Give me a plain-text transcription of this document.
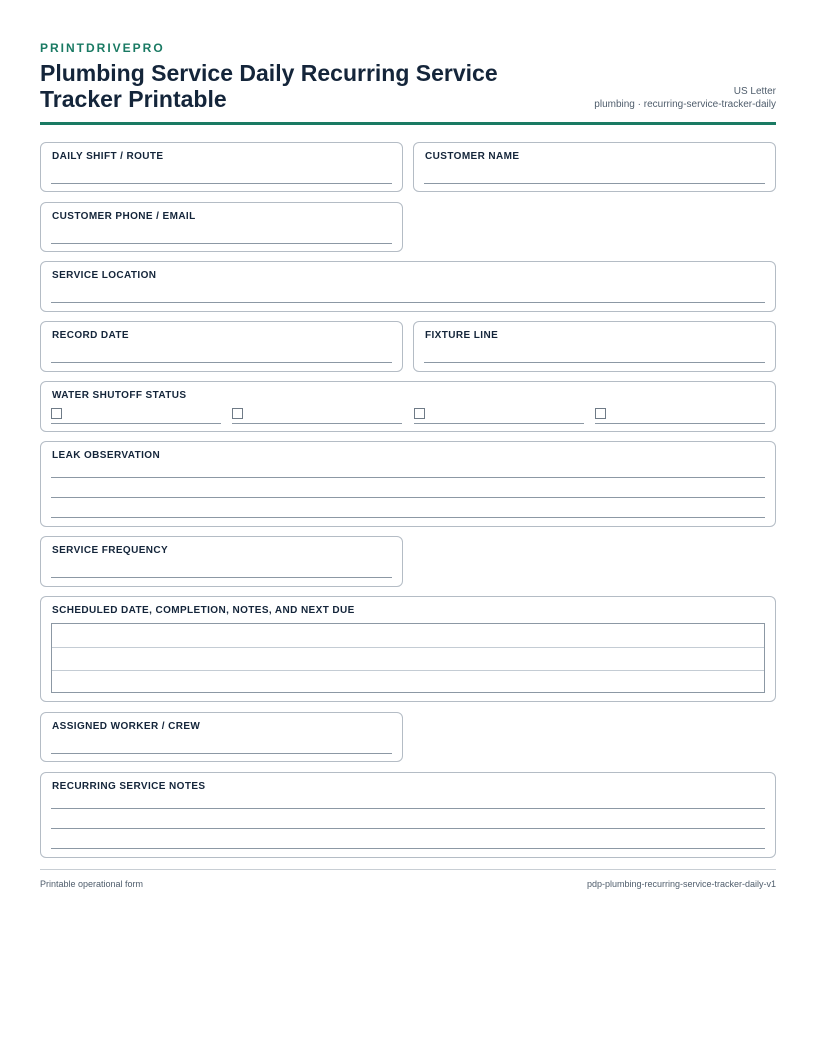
PRINTDRIVEPRO
Plumbing Service Daily Recurring Service Tracker Printable	US Letter
plumbing · recurring-service-tracker-daily
DAILY SHIFT / ROUTE	CUSTOMER NAME
CUSTOMER PHONE / EMAIL
SERVICE LOCATION
RECORD DATE	FIXTURE LINE
WATER SHUTOFF STATUS
LEAK OBSERVATION
SERVICE FREQUENCY
SCHEDULED DATE, COMPLETION, NOTES, AND NEXT DUE
ASSIGNED WORKER / CREW
RECURRING SERVICE NOTES
Printable operational form	pdp-plumbing-recurring-service-tracker-daily-v1
